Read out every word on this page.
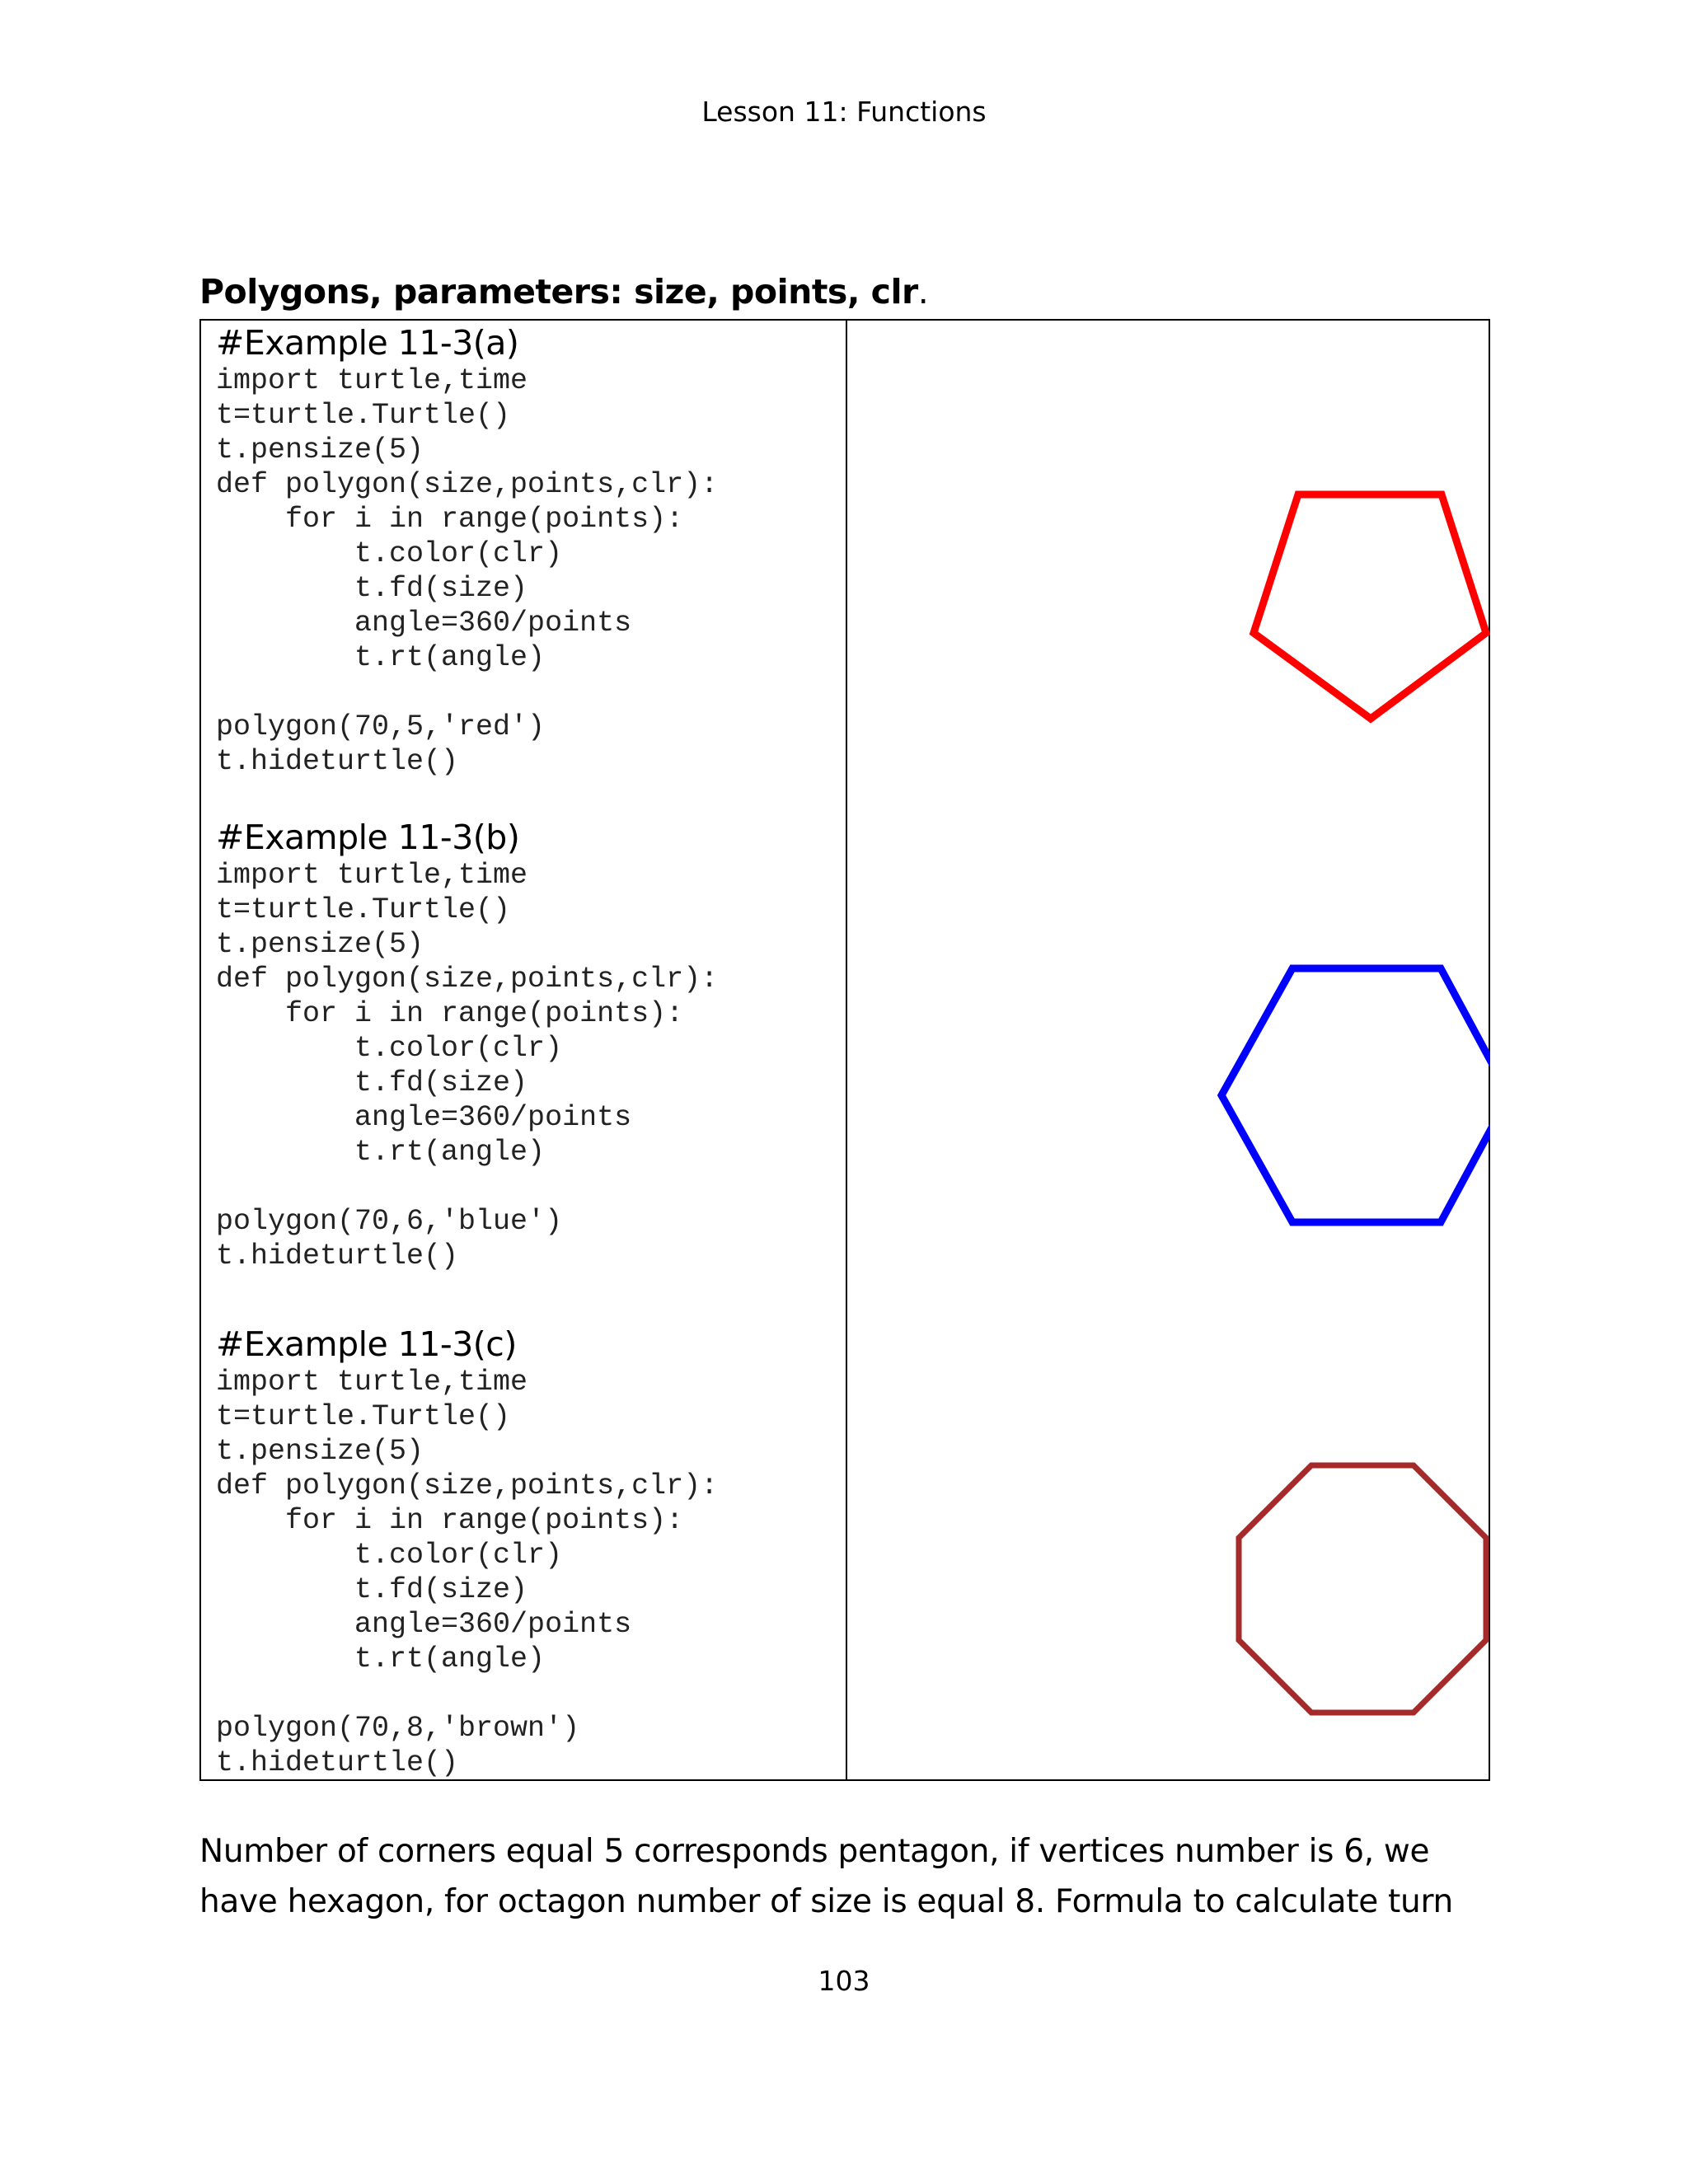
Lesson 11: Functions
Polygons, parameters: size, points, clr.
#Example 11-3(a)
import turtle,time
t=turtle.Turtle()
t.pensize(5)
def polygon(size,points,clr):
for i in range(points):
t.color(clr)
t.fd(size)
angle=360/points
t.rt(angle)

polygon(70,5,'red')
t.hideturtle()
#Example 11-3(b)
import turtle,time
t=turtle.Turtle()
t.pensize(5)
def polygon(size,points,clr):
for i in range(points):
t.color(clr)
t.fd(size)
angle=360/points
t.rt(angle)

polygon(70,6,'blue')
t.hideturtle()
#Example 11-3(c)
import turtle,time
t=turtle.Turtle()
t.pensize(5)
def polygon(size,points,clr):
for i in range(points):
t.color(clr)
t.fd(size)
angle=360/points
t.rt(angle)

polygon(70,8,'brown')
t.hideturtle()

Number of corners equal 5 corresponds pentagon, if vertices number is 6, we

have hexagon, for octagon number of size is equal 8. Formula to calculate turn

103
